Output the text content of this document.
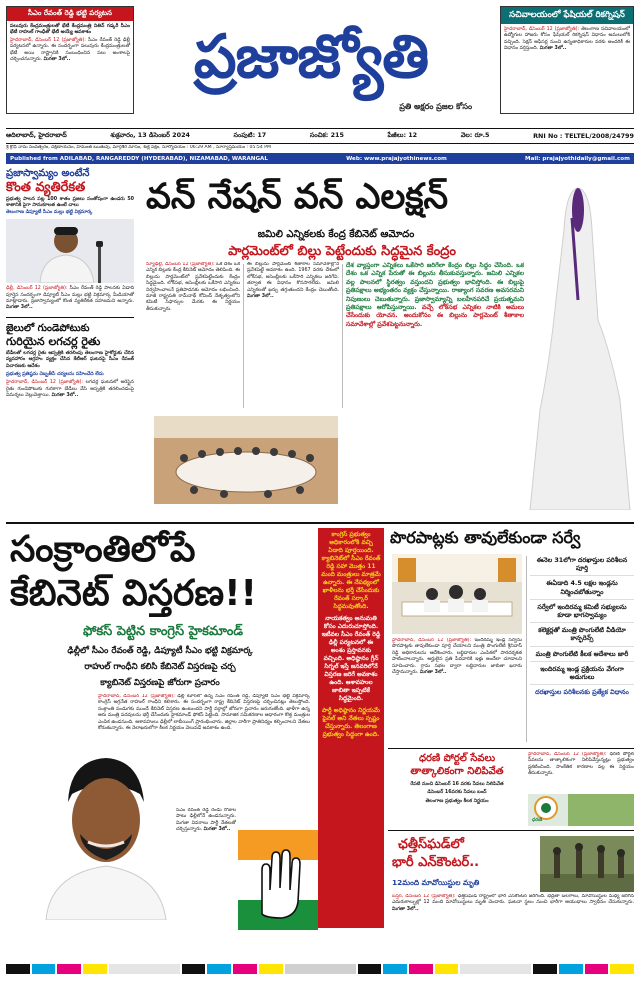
సీఎం రేవంత్ రెడ్డి భట్టి పర్యటన
పలువురు కేంద్రమంత్రులతో భేటీ కేంద్రమంత్రి నితిన్ గడ్కరీ సీఎం భేటీ రాహుల్ గాంధీతో భేటీ అయ్యే అవకాశం
హైదరాబాద్, డిసెంబర్ 12 (ప్రజాజ్యోతి): సీఎం రేవంత్ రెడ్డి ఢిల్లీ పర్యటనలో ఉన్నారు. ఈ సందర్భంగా పలువురు కేంద్రమంత్రులతో భేటీ అయి రాష్ట్రానికి సంబంధించిన పలు అంశాలపై చర్చించనున్నారు. మిగతా 3లో..	ప్రజాజ్యోతి
ప్రతి అక్షరం ప్రజల కోసం
సచివాలయంలో ఫేషియల్ రికగ్నిషన్
హైదరాబాద్, డిసెంబర్ 12 (ప్రజాజ్యోతి): తెలంగాణ సచివాలయంలో ఉద్యోగుల హాజరు కోసం ఫేషియల్ రికగ్నిషన్ విధానం అమలులోకి వచ్చింది. సెక్షన్ ఆఫీసర్ల నుంచి ఉన్నతాధికారుల వరకు అందరికీ ఈ విధానం వర్తిస్తుంది. మిగతా 3లో..
ఆదిలాబాద్, హైదరాబాద్	శుక్రవారం, 13 డిసెంబర్ 2024	సంపుటి: 17	సంచిక: 215	పేజీలు: 12	వెల: రూ.5	RNI No : TELTEL/2008/24799
శ్రీ క్రోధి నామ సంవత్సరం, దక్షిణాయనం, హేమంత ఋతువు, మార్గశిర మాసం, శుక్ల పక్షం, సూర్యోదయం : 06:29 AM , సూర్యాస్తమయం : 05:54 PM
Published from ADILABAD, RANGAREDDY (HYDERABAD), NIZAMABAD, WARANGAL	Web: www.prajajyothinews.com	Mail: prajajyothidaily@gmail.com
ప్రజాస్వామ్యం అంటేనే
కొంత వ్యతిరేకత
ప్రభుత్వ పాలన పట్ల 100 శాతం ప్రజలు సంతోషంగా ఉండరు 50 శాతానికి పైగా సానుకూలత ఉంటే చాలు
తెలంగాణ డిప్యూటీ సీఎం మల్లు భట్టి విక్రమార్క
ఢిల్లీ, డిసెంబర్ 12 (ప్రజాజ్యోతి): సీఎం రేవంత్ రెడ్డి పాలనకు ఏడాది పూర్తైన సందర్భంగా డిప్యూటీ సీఎం మల్లు భట్టి విక్రమార్క మీడియాతో మాట్లాడారు. ప్రజాస్వామ్యంలో కొంత వ్యతిరేకత సహజమని అన్నారు. మిగతా 3లో..
జైలులో గుండెపోటుకు
గురియైన లగచర్ల రైతు
బేడీలతో లగచర్ల రైతు ఆస్పత్రికి తరలింపు తెలంగాణ హైకోర్టుకు చేరిన వ్యవహారం ఆగ్రహం వ్యక్తం చేసిన కేటీఆర్ ఘటనపై సీఎం రేవంత్ విచారణకు ఆదేశం
ప్రభుత్వ ప్రతిష్ఠను దెబ్బతీసే చర్యలను సహించేది లేదు
హైదరాబాద్, డిసెంబర్ 12 (ప్రజాజ్యోతి): లగచర్ల ఘటనలో అరెస్టైన రైతు గుండెపోటుకు గురికాగా బేడీలు వేసి ఆస్పత్రికి తరలించడంపై విమర్శలు వెల్లువెత్తాయి. మిగతా 3లో..
వన్ నేషన్ వన్ ఎలక్షన్
జమిలి ఎన్నికలకు కేంద్ర కేబినెట్ ఆమోదం
పార్లమెంట్‌లో బిల్లు పెట్టేందుకు సిద్ధమైన కేంద్రం
న్యూఢిల్లీ, డిసెంబర్ 12 (ప్రజాజ్యోతి): ఒకే దేశం ఒకే ఎన్నిక బిల్లుకు కేంద్ర కేబినెట్ ఆమోదం తెలిపింది. ఈ బిల్లును పార్లమెంట్‌లో ప్రవేశపెట్టేందుకు కేంద్రం సిద్ధమైంది. లోక్‌సభ, అసెంబ్లీలకు ఒకేసారి ఎన్నికలు నిర్వహించాలనే ప్రతిపాదనకు ఆమోదం లభించింది. మాజీ రాష్ట్రపతి రామ్‌నాథ్ కోవింద్ నేతృత్వంలోని కమిటీ సిఫార్సుల మేరకు ఈ నిర్ణయం తీసుకున్నారు.
ఈ బిల్లును పార్లమెంట్ శీతాకాల సమావేశాల్లోనే ప్రవేశపెట్టే అవకాశం ఉంది. 1967 వరకు దేశంలో లోక్‌సభ, అసెంబ్లీలకు ఒకేసారి ఎన్నికలు జరిగేవి. తర్వాత ఈ విధానం కొనసాగలేదు. జమిలి ఎన్నికలతో ఖర్చు తగ్గుతుందని కేంద్రం చెబుతోంది. మిగతా 3లో..
దేశ వ్యాప్తంగా ఎన్నికలు ఒకేసారి జరిగేలా కేంద్రం బిల్లు సిద్ధం చేసింది. ఒక దేశం ఒక ఎన్నిక పేరుతో ఈ బిల్లును తీసుకువస్తున్నారు. జమిలి ఎన్నికల వల్ల పాలనలో స్థిరత్వం వస్తుందని ప్రభుత్వం భావిస్తోంది. ఈ బిల్లుపై ప్రతిపక్షాలు అభ్యంతరం వ్యక్తం చేస్తున్నాయి. రాజ్యాంగ సవరణ అవసరమని నిపుణులు చెబుతున్నారు. ప్రజాస్వామ్యాన్ని బలహీనపరిచే ప్రయత్నమని ప్రతిపక్షాలు ఆరోపిస్తున్నాయి. వచ్చే లోక్‌సభ ఎన్నికల నాటికి అమలు చేసేందుకు యోచన. అందుకోసం ఈ బిల్లును పార్లమెంట్ శీతాకాల సమావేశాల్లో ప్రవేశపెట్టనున్నారు.
సంక్రాంతిలోపే
కేబినెట్ విస్తరణ!!
ఫోకస్ పెట్టిన కాంగ్రెస్ హైకమాండ్
ఢిల్లీలో సీఎం రేవంత్ రెడ్డి, డిప్యూటీ సీఎం భట్టి విక్రమార్క
రాహుల్ గాంధీని కలిసి కేబినెట్ విస్తరణపై చర్చ
క్యాబినెట్ విస్తరణపై జోరుగా ప్రచారం
హైదరాబాద్, డిసెంబర్ 12 (ప్రజాజ్యోతి): ఢిల్లీ టూర్‌లో ఉన్న సీఎం రేవంత్ రెడ్డి, డిప్యూటీ సీఎం భట్టి విక్రమార్క కాంగ్రెస్ అగ్రనేత రాహుల్ గాంధీని కలిశారు. ఈ సందర్భంగా రాష్ట్ర కేబినెట్ విస్తరణపై చర్చించినట్లు తెలుస్తోంది. సంక్రాంతి పండుగకు ముందే కేబినెట్ విస్తరణ ఉంటుందని పార్టీ వర్గాల్లో జోరుగా ప్రచారం జరుగుతోంది. ఖాళీగా ఉన్న ఆరు మంత్రి పదవులను భర్తీ చేసేందుకు హైకమాండ్ ఫోకస్ పెట్టింది. సామాజిక సమీకరణాల ఆధారంగా కొత్త మంత్రుల ఎంపిక ఉండనుంది. ఆశావహులు ఢిల్లీలో లాబీయింగ్ ప్రారంభించారు. జిల్లాల వారీగా ప్రాతినిధ్యం కల్పించాలని నేతలు కోరుతున్నారు. ఈ నెలాఖరులోగా కీలక నిర్ణయం వెలువడే అవకాశం ఉంది.
సీఎం రేవంత్ రెడ్డి రెండు రోజుల పాటు ఢిల్లీలోనే ఉండనున్నారు. మిగతా వివరాలు పార్టీ నేతలతో చర్చిస్తున్నారు. మిగతా 3లో..
కాంగ్రెస్ ప్రభుత్వం అధికారంలోకి వచ్చి ఏడాది పూర్తయింది. క్యాబినెట్‌లో సీఎం రేవంత్ రెడ్డి సహా మొత్తం 11 మంది మంత్రులు మాత్రమే ఉన్నారు. ఈ నేపథ్యంలో ఖాళీలను భర్తీ చేసేందుకు రేవంత్ సర్కార్ సిద్ధమవుతోంది.
నాయకత్వం అనుమతి కోసం ఎదురుచూస్తోంది. ఇటీవల సీఎం రేవంత్ రెడ్డి ఢిల్లీ పర్యటనలో ఈ అంశం ప్రస్తావనకు వచ్చింది. అధిష్ఠానం గ్రీన్ సిగ్నల్ ఇస్తే జనవరిలోనే విస్తరణ జరిగే అవకాశం ఉంది. ఆశావహుల జాబితా ఇప్పటికే సిద్ధమైంది.
పార్టీ అధిష్ఠానం నిర్ణయమే ఫైనల్ అని నేతలు స్పష్టం చేస్తున్నారు. తెలంగాణ ప్రభుత్వం సిద్ధంగా ఉంది.
పొరపాట్లకు తావులేకుండా సర్వే
హైదరాబాద్, డిసెంబర్ 12 (ప్రజాజ్యోతి): ఇందిరమ్మ ఇండ్ల సర్వేను పొరపాట్లకు తావులేకుండా పూర్తి చేయాలని మంత్రి పొంగులేటి శ్రీనివాస్ రెడ్డి అధికారులను ఆదేశించారు. లబ్ధిదారుల ఎంపికలో పారదర్శకత పాటించాలన్నారు. అర్హులైన ప్రతి పేదవారికి ఇళ్లు అందేలా చూడాలని సూచించారు. గ్రామ సభల ద్వారా లబ్ధిదారుల జాబితా ఖరారు చేస్తామన్నారు. మిగతా 3లో..
ఈనెల 31లోగా దరఖాస్తుల పరిశీలన పూర్తి
ఈఏడాది 4.5 లక్షల ఇండ్లను నిర్మించబోతున్నాం
సర్వేలో ఇందిరమ్మ కమిటీ సభ్యులను కూడా భాగస్వామ్యం
కలెక్టర్లతో మంత్రి పొంగులేటి వీడియో కాన్ఫరెన్స్
మంత్రి పొంగులేటి కీలక ఆదేశాలు జారీ
ఇందిరమ్మ ఇండ్ల ప్రక్రియను వేగంగా అడుగులు
దరఖాస్తుల పరిశీలనకు ప్రత్యేక విధానం
ధరణి పోర్టల్ సేవలు తాత్కాలికంగా నిలిపివేత
రేపటి నుంచి డిసెంబర్ 16 వరకు సేవలు నిలిపివేత
డిసెంబర్ 16వరకు సేవలు బంద్
తెలంగాణ ప్రభుత్వం కీలక నిర్ణయం
హైదరాబాద్, డిసెంబర్ 12 (ప్రజాజ్యోతి): ధరణి పోర్టల్ సేవలను తాత్కాలికంగా నిలిపివేస్తున్నట్లు ప్రభుత్వం ప్రకటించింది. సాంకేతిక కారణాల వల్ల ఈ నిర్ణయం తీసుకున్నారు.
ధరణి
ఛత్తీస్‌ఘడ్‌లో
భారీ ఎన్‌కౌంటర్..
12మంది మావోయిస్టుల మృతి
బస్తర్, డిసెంబర్ 12 (ప్రజాజ్యోతి): ఛత్తీస్‌ఘడ్ రాష్ట్రంలో భారీ ఎన్‌కౌంటర్ జరిగింది. భద్రతా బలగాలు, మావోయిస్టుల మధ్య జరిగిన ఎదురుకాల్పుల్లో 12 మంది మావోయిస్టులు మృతి చెందారు. ఘటనా స్థలం నుంచి భారీగా ఆయుధాలు స్వాధీనం చేసుకున్నారు. మిగతా 3లో..
